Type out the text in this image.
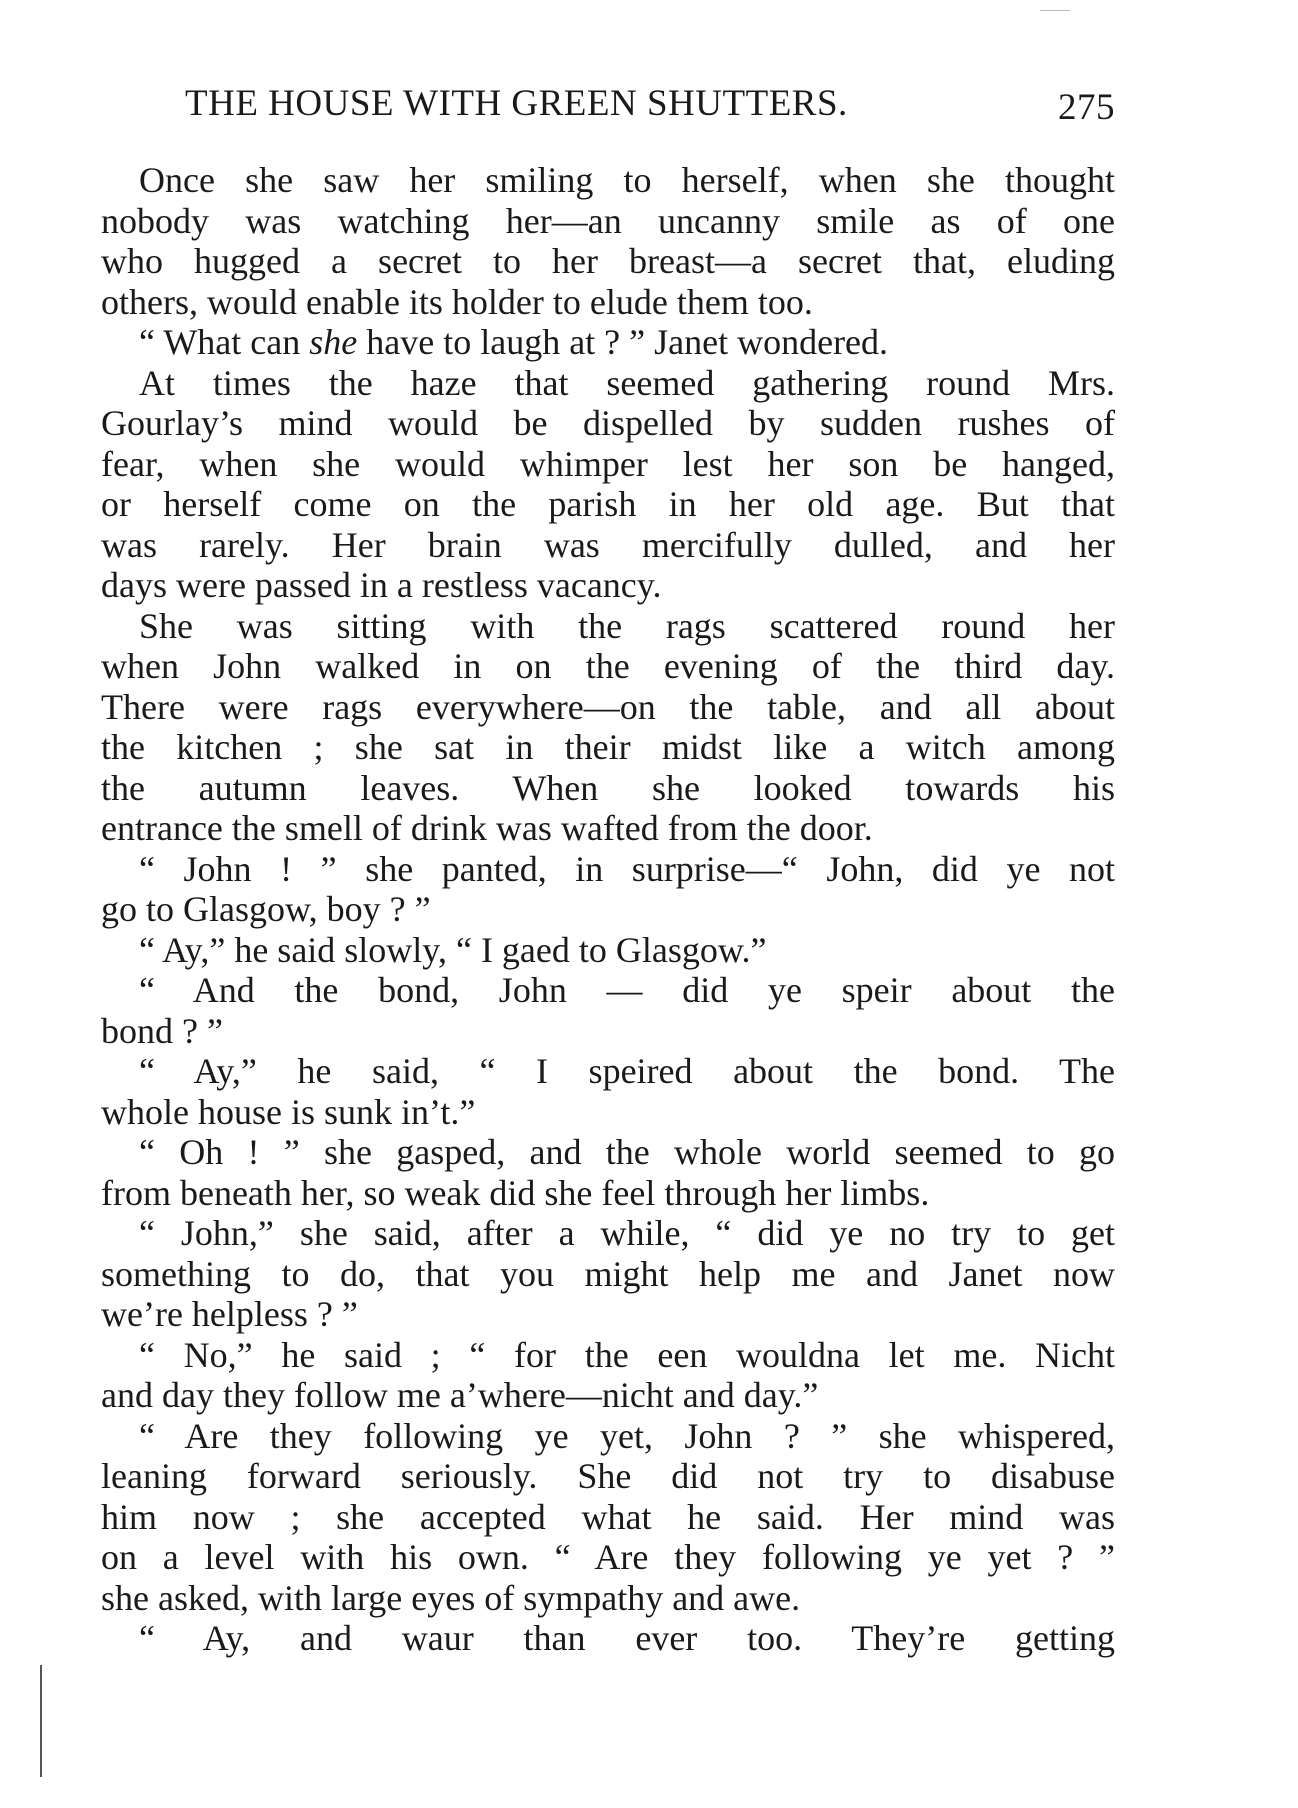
THE HOUSE WITH GREEN SHUTTERS.	275
Once she saw her smiling to herself, when she thought
nobody was watching her—an uncanny smile as of one
who hugged a secret to her breast—a secret that, eluding
others, would enable its holder to elude them too.
“ What can she have to laugh at ? ” Janet wondered.
At times the haze that seemed gathering round Mrs.
Gourlay’s mind would be dispelled by sudden rushes of
fear, when she would whimper lest her son be hanged,
or herself come on the parish in her old age. But that
was rarely. Her brain was mercifully dulled, and her
days were passed in a restless vacancy.
She was sitting with the rags scattered round her
when John walked in on the evening of the third day.
There were rags everywhere—on the table, and all about
the kitchen ; she sat in their midst like a witch among
the autumn leaves. When she looked towards his
entrance the smell of drink was wafted from the door.
“ John ! ” she panted, in surprise—“ John, did ye not
go to Glasgow, boy ? ”
“ Ay,” he said slowly, “ I gaed to Glasgow.”
“ And the bond, John — did ye speir about the
bond ? ”
“ Ay,” he said, “ I speired about the bond. The
whole house is sunk in’t.”
“ Oh ! ” she gasped, and the whole world seemed to go
from beneath her, so weak did she feel through her limbs.
“ John,” she said, after a while, “ did ye no try to get
something to do, that you might help me and Janet now
we’re helpless ? ”
“ No,” he said ; “ for the een wouldna let me. Nicht
and day they follow me a’where—nicht and day.”
“ Are they following ye yet, John ? ” she whispered,
leaning forward seriously. She did not try to disabuse
him now ; she accepted what he said. Her mind was
on a level with his own. “ Are they following ye yet ? ”
she asked, with large eyes of sympathy and awe.
“ Ay, and waur than ever too. They’re getting
